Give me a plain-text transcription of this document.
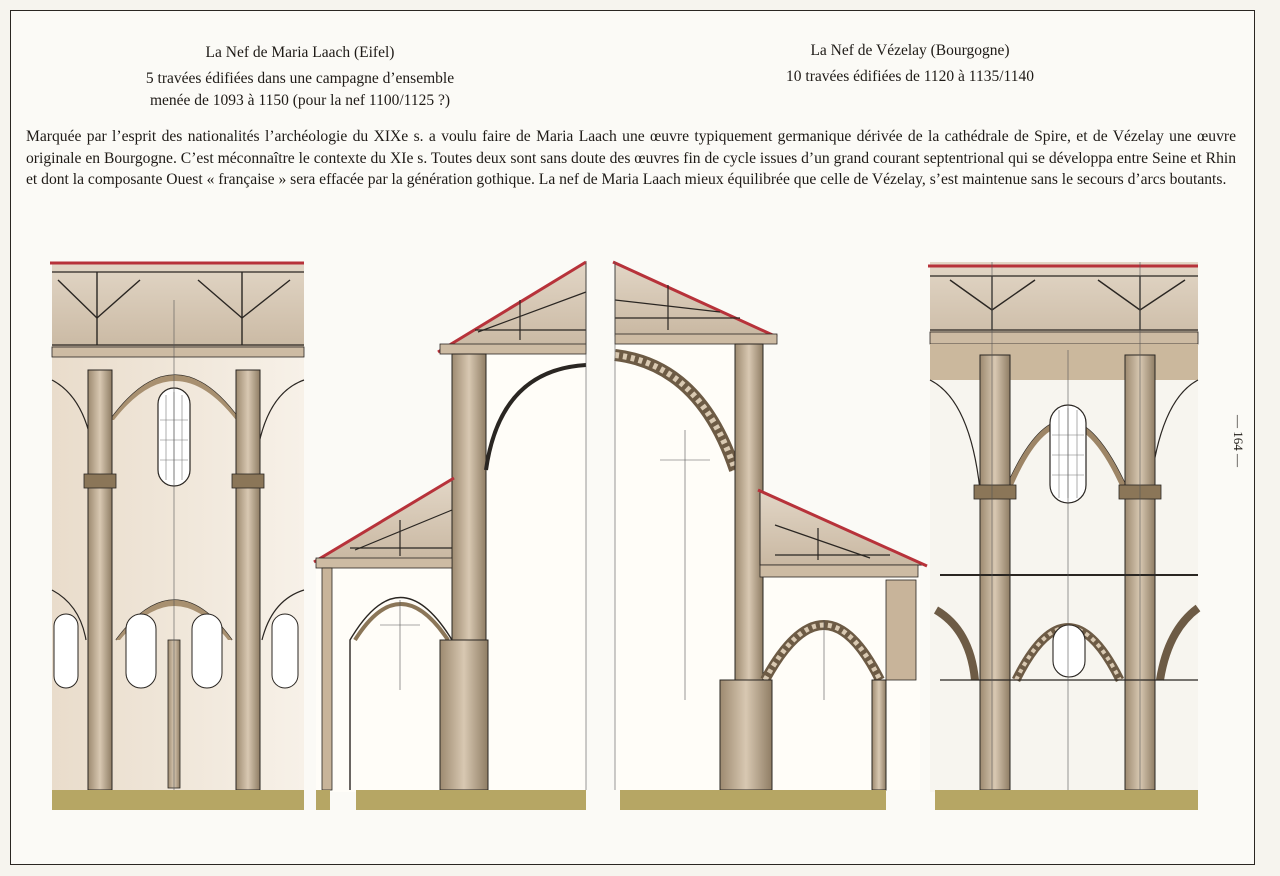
La Nef de Maria Laach (Eifel)
5 travées édifiées dans une campagne d’ensemble
menée de 1093 à 1150 (pour la nef 1100/1125 ?)
La Nef de Vézelay (Bourgogne)
10 travées édifiées de 1120 à 1135/1140
Marquée par l’esprit des nationalités l’archéologie du XIXe s. a voulu faire de Maria Laach une œuvre typiquement germanique dérivée de la cathédrale de Spire, et de Vézelay une œuvre originale en Bourgogne. C’est méconnaître le contexte du XIe s. Toutes deux sont sans doute des œuvres fin de cycle issues d’un grand courant septentrional qui se développa entre Seine et Rhin et dont la composante Ouest « française » sera effacée par la génération gothique. La nef de Maria Laach mieux équilibrée que celle de Vézelay, s’est maintenue sans le secours d’arcs boutants.
— 164 —
